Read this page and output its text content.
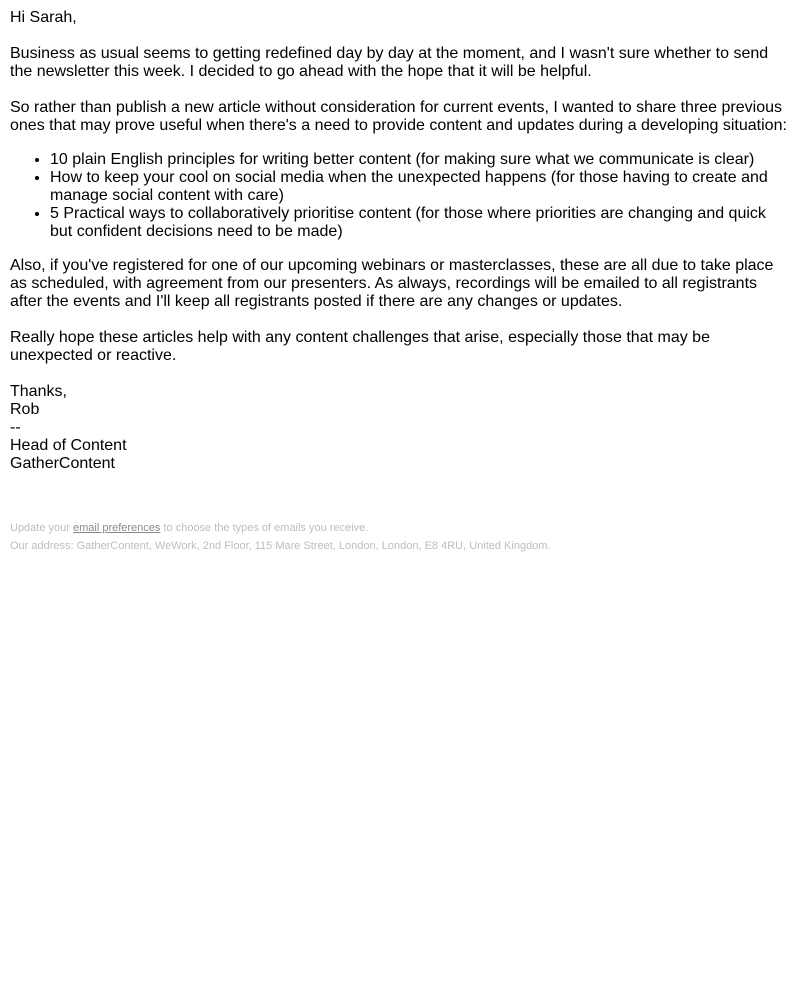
Hi Sarah,
Business as usual seems to getting redefined day by day at the moment, and I wasn't sure whether to send the newsletter this week. I decided to go ahead with the hope that it will be helpful.
So rather than publish a new article without consideration for current events, I wanted to share three previous ones that may prove useful when there's a need to provide content and updates during a developing situation:
• 10 plain English principles for writing better content (for making sure what we communicate is clear)
• How to keep your cool on social media when the unexpected happens (for those having to create and manage social content with care)
• 5 Practical ways to collaboratively prioritise content (for those where priorities are changing and quick but confident decisions need to be made)
Also, if you've registered for one of our upcoming webinars or masterclasses, these are all due to take place as scheduled, with agreement from our presenters. As always, recordings will be emailed to all registrants after the events and I'll keep all registrants posted if there are any changes or updates.
Really hope these articles help with any content challenges that arise, especially those that may be unexpected or reactive.
Thanks,
Rob
--
Head of Content
GatherContent
Update your email preferences to choose the types of emails you receive.
Our address: GatherContent, WeWork, 2nd Floor, 115 Mare Street, London, London, E8 4RU, United Kingdom.
